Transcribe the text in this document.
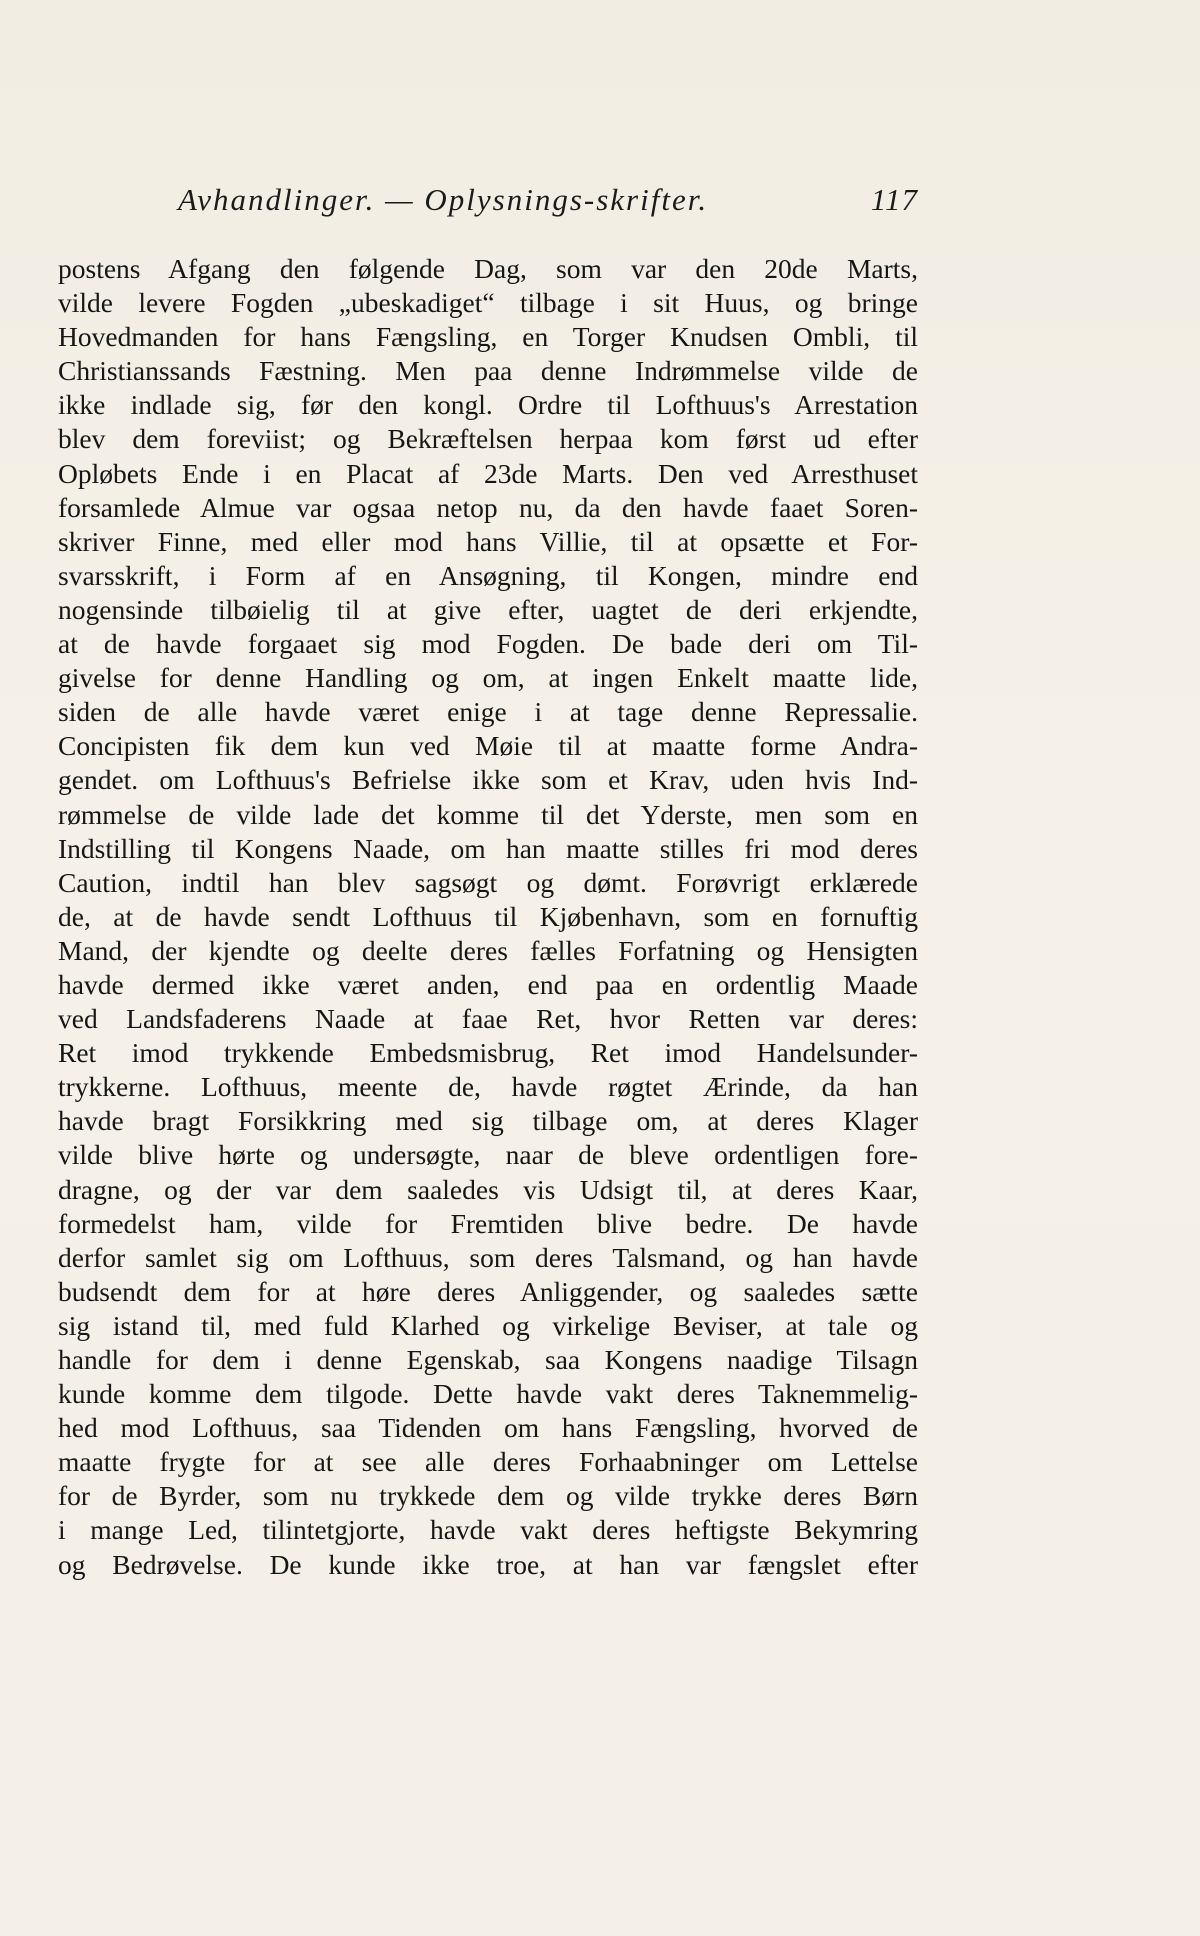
Avhandlinger. — Oplysnings-skrifter.	117
postens Afgang den følgende Dag, som var den 20de Marts,
vilde levere Fogden „ubeskadiget“ tilbage i sit Huus, og bringe
Hovedmanden for hans Fængsling, en Torger Knudsen Ombli, til
Christianssands Fæstning. Men paa denne Indrømmelse vilde de
ikke indlade sig, før den kongl. Ordre til Lofthuus's Arrestation
blev dem foreviist; og Bekræftelsen herpaa kom først ud efter
Opløbets Ende i en Placat af 23de Marts. Den ved Arresthuset
forsamlede Almue var ogsaa netop nu, da den havde faaet Soren-
skriver Finne, med eller mod hans Villie, til at opsætte et For-
svarsskrift, i Form af en Ansøgning, til Kongen, mindre end
nogensinde tilbøielig til at give efter, uagtet de deri erkjendte,
at de havde forgaaet sig mod Fogden. De bade deri om Til-
givelse for denne Handling og om, at ingen Enkelt maatte lide,
siden de alle havde været enige i at tage denne Repressalie.
Concipisten fik dem kun ved Møie til at maatte forme Andra-
gendet. om Lofthuus's Befrielse ikke som et Krav, uden hvis Ind-
rømmelse de vilde lade det komme til det Yderste, men som en
Indstilling til Kongens Naade, om han maatte stilles fri mod deres
Caution, indtil han blev sagsøgt og dømt. Forøvrigt erklærede
de, at de havde sendt Lofthuus til Kjøbenhavn, som en fornuftig
Mand, der kjendte og deelte deres fælles Forfatning og Hensigten
havde dermed ikke været anden, end paa en ordentlig Maade
ved Landsfaderens Naade at faae Ret, hvor Retten var deres:
Ret imod trykkende Embedsmisbrug, Ret imod Handelsunder-
trykkerne. Lofthuus, meente de, havde røgtet Ærinde, da han
havde bragt Forsikkring med sig tilbage om, at deres Klager
vilde blive hørte og undersøgte, naar de bleve ordentligen fore-
dragne, og der var dem saaledes vis Udsigt til, at deres Kaar,
formedelst ham, vilde for Fremtiden blive bedre. De havde
derfor samlet sig om Lofthuus, som deres Talsmand, og han havde
budsendt dem for at høre deres Anliggender, og saaledes sætte
sig istand til, med fuld Klarhed og virkelige Beviser, at tale og
handle for dem i denne Egenskab, saa Kongens naadige Tilsagn
kunde komme dem tilgode. Dette havde vakt deres Taknemmelig-
hed mod Lofthuus, saa Tidenden om hans Fængsling, hvorved de
maatte frygte for at see alle deres Forhaabninger om Lettelse
for de Byrder, som nu trykkede dem og vilde trykke deres Børn
i mange Led, tilintetgjorte, havde vakt deres heftigste Bekymring
og Bedrøvelse. De kunde ikke troe, at han var fængslet efter
